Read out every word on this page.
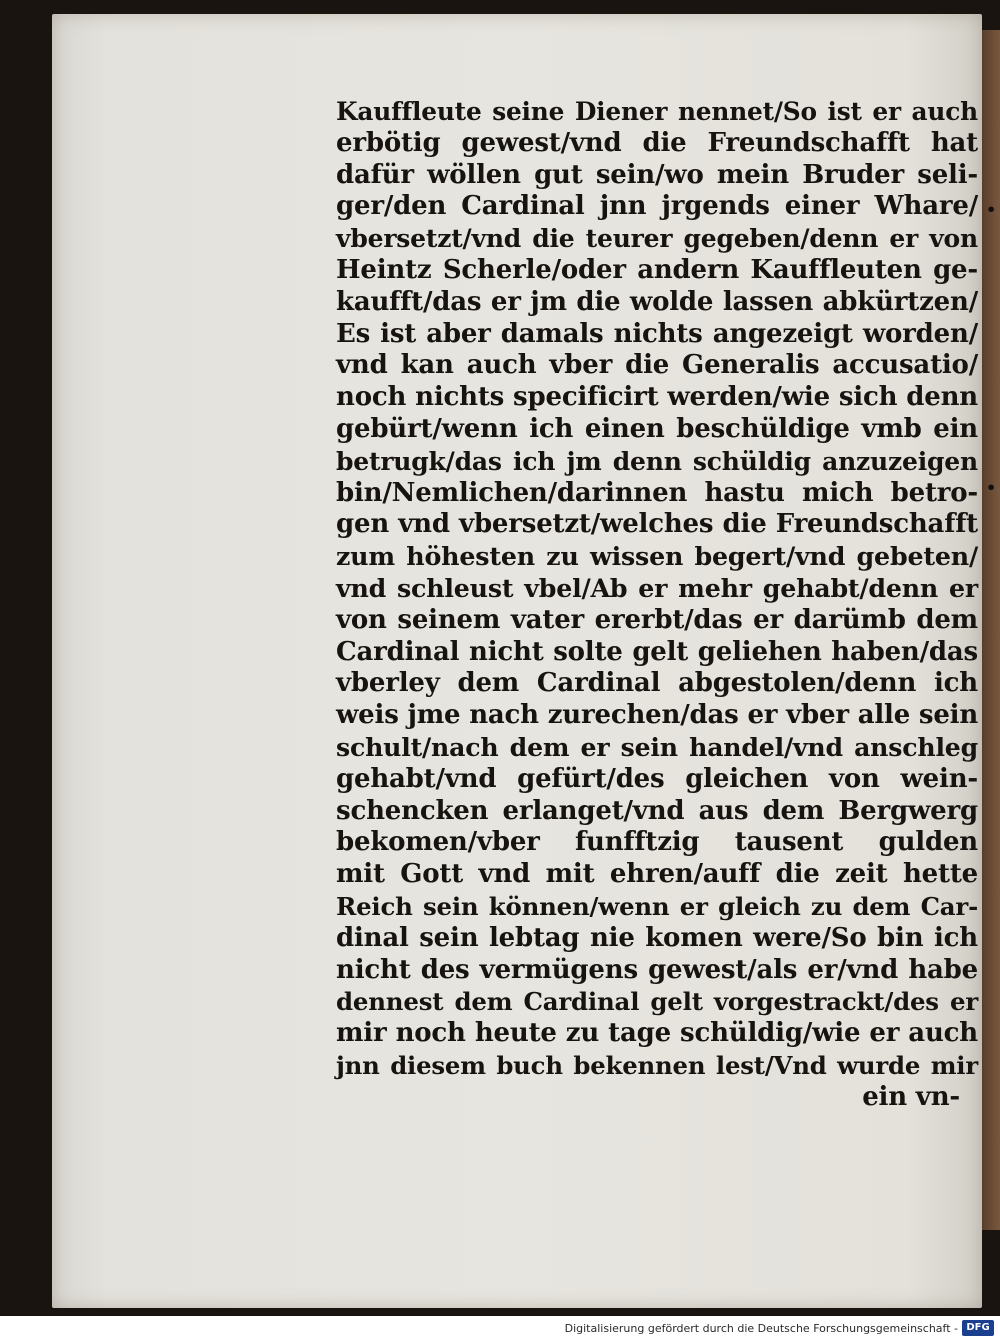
•
•
Kauffleute seine Diener nennet/So ist er auch
erbötig gewest/vnd die Freundschafft hat
dafür wöllen gut sein/wo mein Bruder seli-
ger/den Cardinal jnn jrgends einer Whare/
vbersetzt/vnd die teurer gegeben/denn er von
Heintz Scherle/oder andern Kauffleuten ge-
kaufft/das er jm die wolde lassen abkürtzen/
Es ist aber damals nichts angezeigt worden/
vnd kan auch vber die Generalis accusatio/
noch nichts specificirt werden/wie sich denn
gebürt/wenn ich einen beschüldige vmb ein
betrugk/das ich jm denn schüldig anzuzeigen
bin/Nemlichen/darinnen hastu mich betro-
gen vnd vbersetzt/welches die Freundschafft
zum höhesten zu wissen begert/vnd gebeten/
vnd schleust vbel/Ab er mehr gehabt/denn er
von seinem vater ererbt/das er darümb dem
Cardinal nicht solte gelt geliehen haben/das
vberley dem Cardinal abgestolen/denn ich
weis jme nach zurechen/das er vber alle sein
schult/nach dem er sein handel/vnd anschleg
gehabt/vnd gefürt/des gleichen von wein-
schencken erlanget/vnd aus dem Bergwerg
bekomen/vber funfftzig tausent gulden
mit Gott vnd mit ehren/auff die zeit hette
Reich sein können/wenn er gleich zu dem Car-
dinal sein lebtag nie komen were/So bin ich
nicht des vermügens gewest/als er/vnd habe
dennest dem Cardinal gelt vorgestrackt/des er
mir noch heute zu tage schüldig/wie er auch
jnn diesem buch bekennen lest/Vnd wurde mir
ein vn-
Digitalisierung gefördert durch die Deutsche Forschungsgemeinschaft - DFG
